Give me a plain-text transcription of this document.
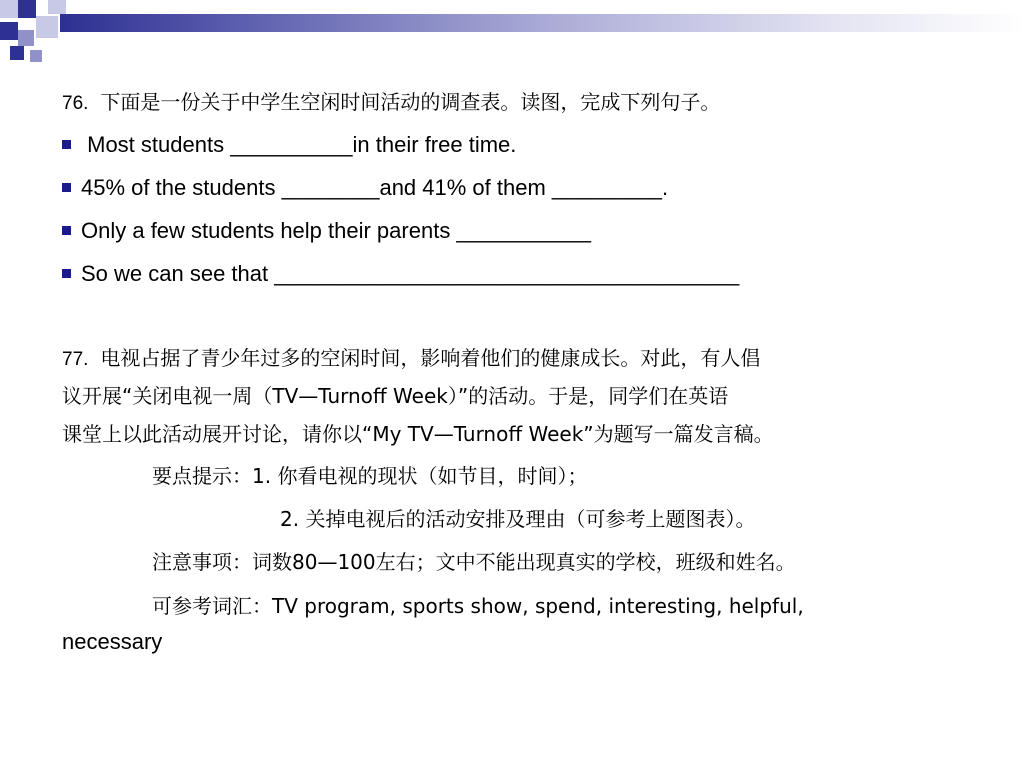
76. 下面是一份关于中学生空闲时间活动的调查表。读图，完成下列句子。
Most students __________in their free time.
45% of the students ________and 41% of them _________.
Only a few students help their parents ___________
So we can see that ______________________________________
77. 电视占据了青少年过多的空闲时间，影响着他们的健康成长。对此，有人倡
议开展“关闭电视一周（TV—Turnoff Week）”的活动。于是，同学们在英语
课堂上以此活动展开讨论，请你以“My TV—Turnoff Week”为题写一篇发言稿。
要点提示：1. 你看电视的现状（如节目，时间）；
2. 关掉电视后的活动安排及理由（可参考上题图表）。
注意事项：词数80—100左右；文中不能出现真实的学校，班级和姓名。
可参考词汇：TV program, sports show, spend, interesting, helpful,
necessary
